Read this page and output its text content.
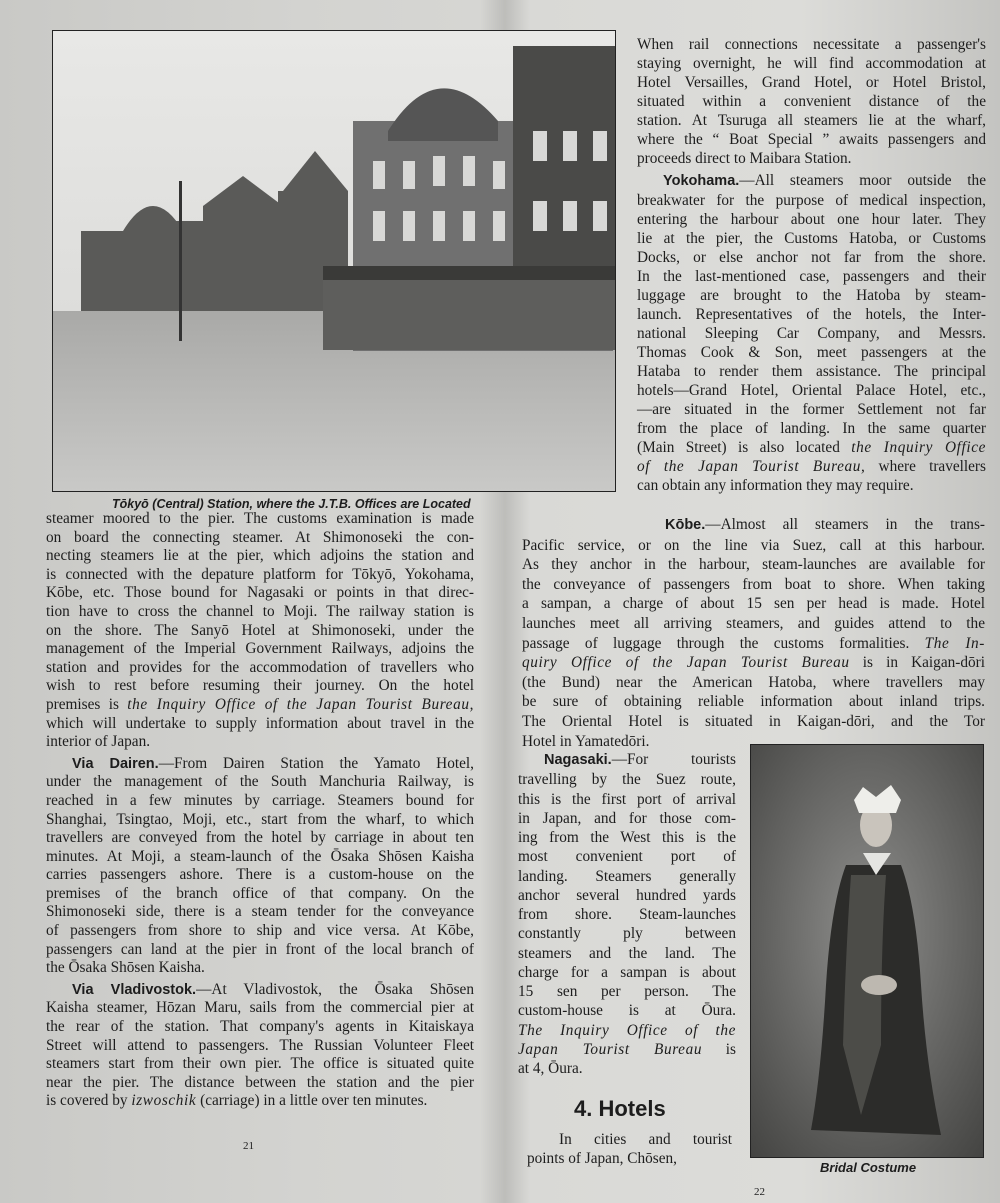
Tōkyō (Central) Station, where the J.T.B. Offices are Located
steamer moored to the pier. The customs examination is made
on board the connecting steamer. At Shimonoseki the con-
necting steamers lie at the pier, which adjoins the station and
is connected with the depature platform for Tōkyō, Yokohama,
Kōbe, etc. Those bound for Nagasaki or points in that direc-
tion have to cross the channel to Moji. The railway station is
on the shore. The Sanyō Hotel at Shimonoseki, under the
management of the Imperial Government Railways, adjoins the
station and provides for the accommodation of travellers who
wish to rest before resuming their journey. On the hotel
premises is the Inquiry Office of the Japan Tourist Bureau,
which will undertake to supply information about travel in the
interior of Japan.
Via Dairen.—From Dairen Station the Yamato Hotel,
under the management of the South Manchuria Railway, is
reached in a few minutes by carriage. Steamers bound for
Shanghai, Tsingtao, Moji, etc., start from the wharf, to which
travellers are conveyed from the hotel by carriage in about ten
minutes. At Moji, a steam-launch of the Ōsaka Shōsen Kaisha
carries passengers ashore. There is a custom-house on the
premises of the branch office of that company. On the
Shimonoseki side, there is a steam tender for the conveyance
of passengers from shore to ship and vice versa. At Kōbe,
passengers can land at the pier in front of the local branch of
the Ōsaka Shōsen Kaisha.
Via Vladivostok.—At Vladivostok, the Ōsaka Shōsen
Kaisha steamer, Hōzan Maru, sails from the commercial pier at
the rear of the station. That company's agents in Kitaiskaya
Street will attend to passengers. The Russian Volunteer Fleet
steamers start from their own pier. The office is situated quite
near the pier. The distance between the station and the pier
is covered by izwoschik (carriage) in a little over ten minutes.
21
When rail connections necessitate a passenger's
staying overnight, he will find accommodation at
Hotel Versailles, Grand Hotel, or Hotel Bristol,
situated within a convenient distance of the
station. At Tsuruga all steamers lie at the wharf,
where the “ Boat Special ” awaits passengers and
proceeds direct to Maibara Station.
Yokohama.—All steamers moor outside the
breakwater for the purpose of medical inspection,
entering the harbour about one hour later. They
lie at the pier, the Customs Hatoba, or Customs
Docks, or else anchor not far from the shore.
In the last-mentioned case, passengers and their
luggage are brought to the Hatoba by steam-
launch. Representatives of the hotels, the Inter-
national Sleeping Car Company, and Messrs.
Thomas Cook & Son, meet passengers at the
Hataba to render them assistance. The principal
hotels—Grand Hotel, Oriental Palace Hotel, etc.,
—are situated in the former Settlement not far
from the place of landing. In the same quarter
(Main Street) is also located the Inquiry Office
of the Japan Tourist Bureau, where travellers
can obtain any information they may require.
Kōbe.—Almost all steamers in the trans-
Pacific service, or on the line via Suez, call at this harbour.
As they anchor in the harbour, steam-launches are available for
the conveyance of passengers from boat to shore. When taking
a sampan, a charge of about 15 sen per head is made. Hotel
launches meet all arriving steamers, and guides attend to the
passage of luggage through the customs formalities. The In-
quiry Office of the Japan Tourist Bureau is in Kaigan-dōri
(the Bund) near the American Hatoba, where travellers may
be sure of obtaining reliable information about inland trips.
The Oriental Hotel is situated in Kaigan-dōri, and the Tor
Hotel in Yamatedōri.
Nagasaki.—For tourists
travelling by the Suez route,
this is the first port of arrival
in Japan, and for those com-
ing from the West this is the
most convenient port of
landing. Steamers generally
anchor several hundred yards
from shore. Steam-launches
constantly ply between
steamers and the land. The
charge for a sampan is about
15 sen per person. The
custom-house is at Ōura.
The Inquiry Office of the
Japan Tourist Bureau is
at 4, Ōura.
4. Hotels
In cities and tourist
points of Japan, Chōsen,
Bridal Costume
22
